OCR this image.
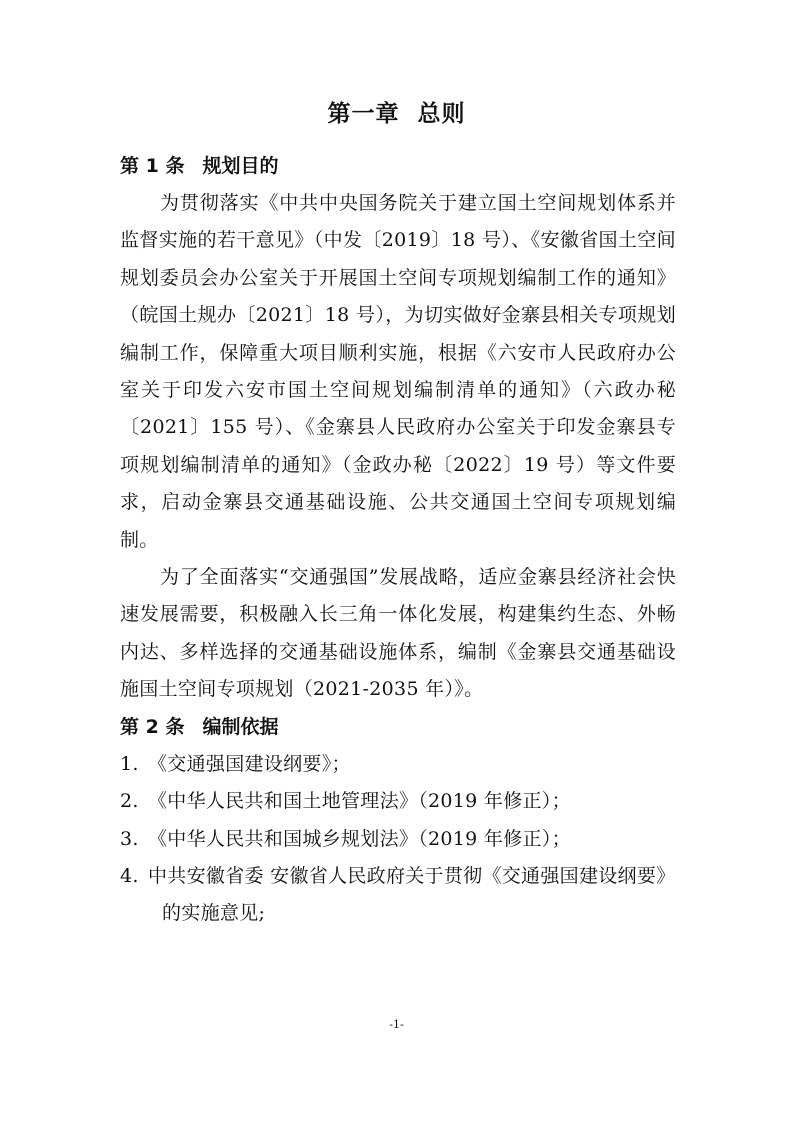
第一章 总则
第 1 条 规划目的

为贯彻落实《中共中央国务院关于建立国土空间规划体系并监督实施的若干意见》（中发〔2019〕18 号）、《安徽省国土空间规划委员会办公室关于开展国土空间专项规划编制工作的通知》（皖国土规办〔2021〕18 号），为切实做好金寨县相关专项规划编制工作，保障重大项目顺利实施，根据《六安市人民政府办公室关于印发六安市国土空间规划编制清单的通知》（六政办秘〔2021〕155 号）、《金寨县人民政府办公室关于印发金寨县专项规划编制清单的通知》（金政办秘〔2022〕19 号）等文件要求，启动金寨县交通基础设施、公共交通国土空间专项规划编制。

为了全面落实“交通强国”发展战略，适应金寨县经济社会快速发展需要，积极融入长三角一体化发展，构建集约生态、外畅内达、多样选择的交通基础设施体系，编制《金寨县交通基础设施国土空间专项规划（2021-2035 年）》。

第 2 条 编制依据
1. 《交通强国建设纲要》；
2. 《中华人民共和国土地管理法》（2019 年修正）；
3. 《中华人民共和国城乡规划法》（2019 年修正）；
4. 中共安徽省委 安徽省人民政府关于贯彻《交通强国建设纲要》的实施意见;
-1-
